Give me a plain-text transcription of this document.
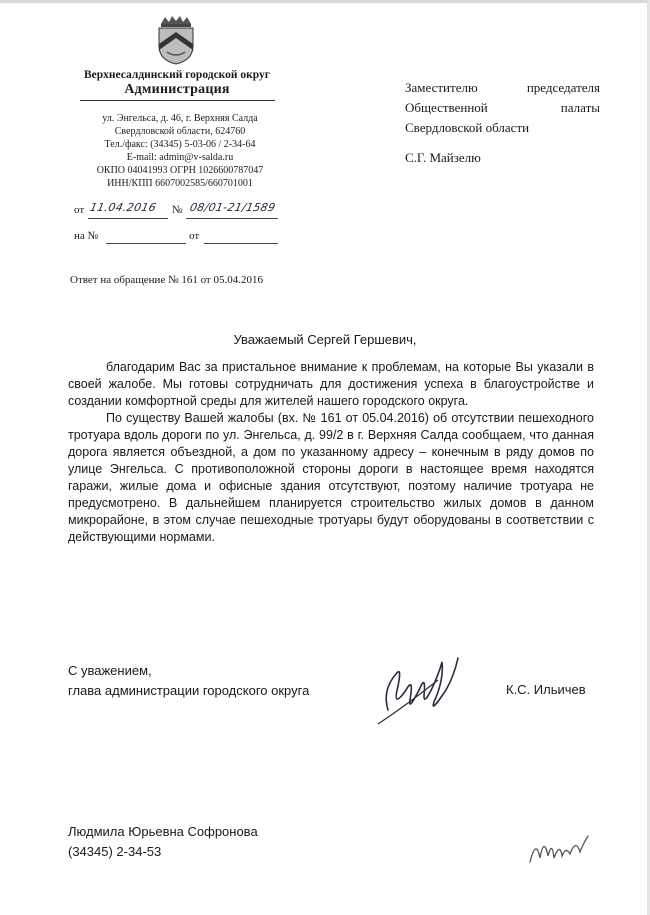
Верхнесалдинский городской округ
Администрация
ул. Энгельса, д. 46, г. Верхняя Салда
Свердловской области, 624760
Тел./факс: (34345) 5-03-06 / 2-34-64
E-mail: admin@v-salda.ru
ОКПО 04041993 ОГРН 1026600787047
ИНН/КПП 6607002585/660701001
от 11.04.2016 № 08/01-21/1589
на №	от
Ответ на обращение № 161 от 05.04.2016
Заместителю председателя
Общественной палаты
Свердловской области
С.Г. Майзелю
Уважаемый Сергей Гершевич,

благодарим Вас за пристальное внимание к проблемам, на которые Вы указали в своей жалобе. Мы готовы сотрудничать для достижения успеха в благоустройстве и создании комфортной среды для жителей нашего городского округа.

По существу Вашей жалобы (вх. № 161 от 05.04.2016) об отсутствии пешеходного тротуара вдоль дороги по ул. Энгельса, д. 99/2 в г. Верхняя Салда сообщаем, что данная дорога является объездной, а дом по указанному адресу – конечным в ряду домов по улице Энгельса. С противоположной стороны дороги в настоящее время находятся гаражи, жилые дома и офисные здания отсутствуют, поэтому наличие тротуара не предусмотрено. В дальнейшем планируется строительство жилых домов в данном микрорайоне, в этом случае пешеходные тротуары будут оборудованы в соответствии с действующими нормами.

С уважением,
глава администрации городского округа	К.С. Ильичев
Людмила Юрьевна Софронова
(34345) 2-34-53
